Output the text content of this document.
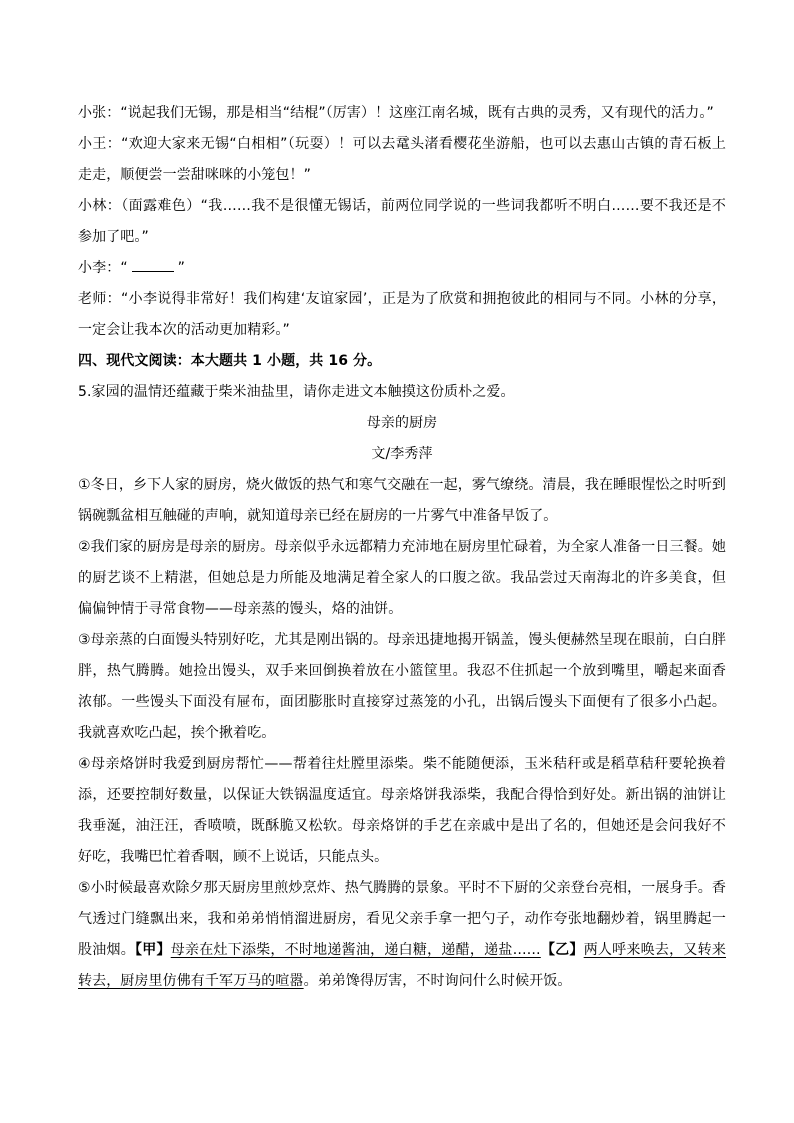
小张：“说起我们无锡，那是相当“结棍”（厉害）！这座江南名城，既有古典的灵秀，又有现代的活力。”

小王：“欢迎大家来无锡“白相相”（玩耍）！可以去鼋头渚看樱花坐游船，也可以去惠山古镇的青石板上走走，顺便尝一尝甜咪咪的小笼包！”

小林：（面露难色）“我……我不是很懂无锡话，前两位同学说的一些词我都听不明白……要不我还是不参加了吧。”

小李：“	”

老师：“小李说得非常好！我们构建‘友谊家园’，正是为了欣赏和拥抱彼此的相同与不同。小林的分享，一定会让我本次的活动更加精彩。”

四、现代文阅读：本大题共 1 小题，共 16 分。

5.家园的温情还蕴藏于柴米油盐里，请你走进文本触摸这份质朴之爱。

母亲的厨房

文/李秀萍

①冬日，乡下人家的厨房，烧火做饭的热气和寒气交融在一起，雾气缭绕。清晨，我在睡眼惺忪之时听到锅碗瓢盆相互触碰的声响，就知道母亲已经在厨房的一片雾气中准备早饭了。

②我们家的厨房是母亲的厨房。母亲似乎永远都精力充沛地在厨房里忙碌着，为全家人准备一日三餐。她的厨艺谈不上精湛，但她总是力所能及地满足着全家人的口腹之欲。我品尝过天南海北的许多美食，但偏偏钟情于寻常食物——母亲蒸的馒头，烙的油饼。

③母亲蒸的白面馒头特别好吃，尤其是刚出锅的。母亲迅捷地揭开锅盖，馒头便赫然呈现在眼前，白白胖胖，热气腾腾。她捡出馒头，双手来回倒换着放在小篮筐里。我忍不住抓起一个放到嘴里，嚼起来面香浓郁。一些馒头下面没有屉布，面团膨胀时直接穿过蒸笼的小孔，出锅后馒头下面便有了很多小凸起。我就喜欢吃凸起，挨个揪着吃。

④母亲烙饼时我爱到厨房帮忙——帮着往灶膛里添柴。柴不能随便添，玉米秸秆或是稻草秸秆要轮换着添，还要控制好数量，以保证大铁锅温度适宜。母亲烙饼我添柴，我配合得恰到好处。新出锅的油饼让我垂涎，油汪汪，香喷喷，既酥脆又松软。母亲烙饼的手艺在亲戚中是出了名的，但她还是会问我好不好吃，我嘴巴忙着香咽，顾不上说话，只能点头。

⑤小时候最喜欢除夕那天厨房里煎炒烹炸、热气腾腾的景象。平时不下厨的父亲登台亮相，一展身手。香气透过门缝飘出来，我和弟弟悄悄溜进厨房，看见父亲手拿一把勺子，动作夸张地翻炒着，锅里腾起一股油烟。【甲】母亲在灶下添柴，不时地递酱油，递白糖，递醋，递盐……【乙】两人呼来唤去，又转来转去，厨房里仿佛有千军万马的喧嚣。弟弟馋得厉害，不时询问什么时候开饭。
